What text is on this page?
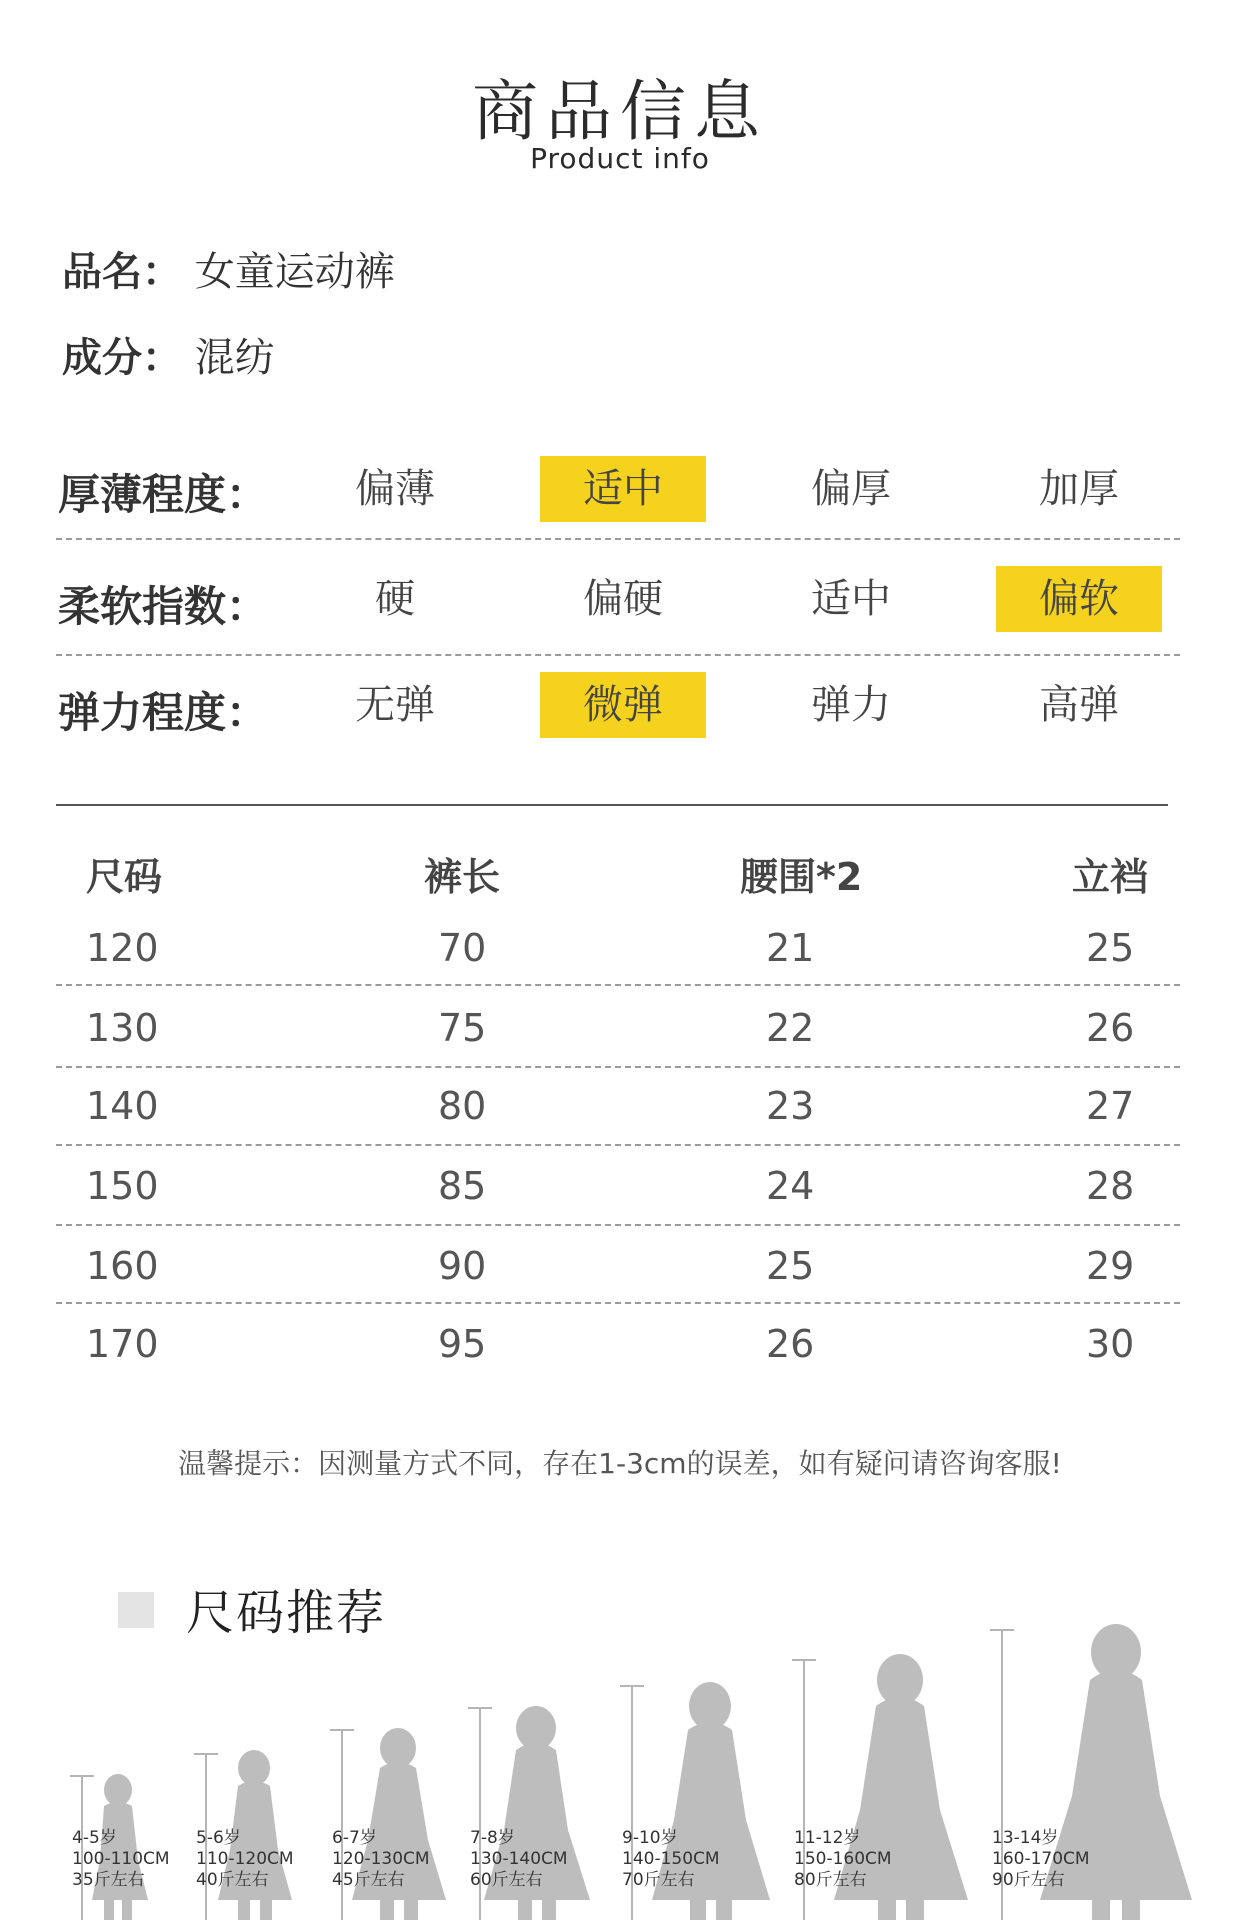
商品信息
Product info
品名： 女童运动裤
成分： 混纺
厚薄程度：	偏薄	适中	偏厚	加厚
柔软指数：	硬	偏硬	适中	偏软
弹力程度：	无弹	微弹	弹力	高弹
尺码	裤长	腰围*2	立裆
120	70	21	25
130	75	22	26
140	80	23	27
150	85	24	28
160	90	25	29
170	95	26	30
温馨提示：因测量方式不同，存在1-3cm的误差，如有疑问请咨询客服!
尺码推荐
4-5岁
100-110CM
35斤左右
5-6岁
110-120CM
40斤左右
6-7岁
120-130CM
45斤左右
7-8岁
130-140CM
60斤左右
9-10岁
140-150CM
70斤左右
11-12岁
150-160CM
80斤左右
13-14岁
160-170CM
90斤左右
